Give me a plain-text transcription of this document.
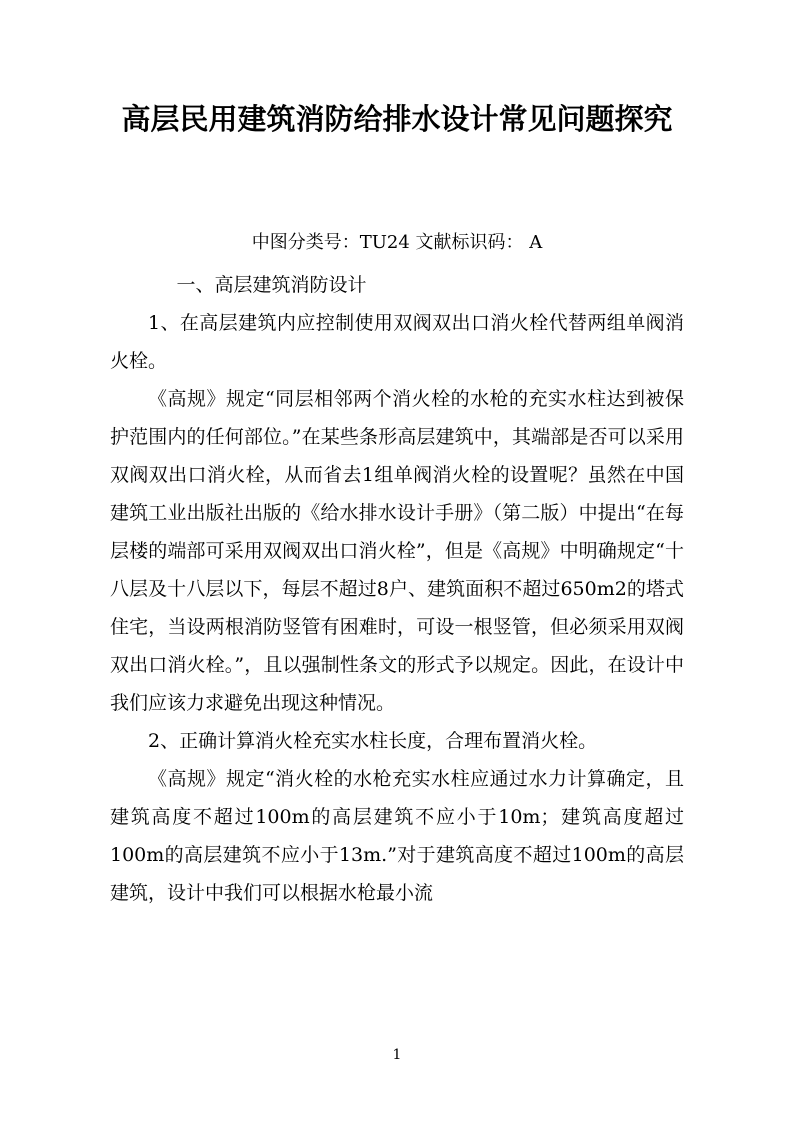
高层民用建筑消防给排水设计常见问题探究
中图分类号：TU24 文献标识码： A

一、高层建筑消防设计

1、在高层建筑内应控制使用双阀双出口消火栓代替两组单阀消火栓。

《高规》规定“同层相邻两个消火栓的水枪的充实水柱达到被保护范围内的任何部位。”在某些条形高层建筑中，其端部是否可以采用双阀双出口消火栓，从而省去1组单阀消火栓的设置呢？虽然在中国建筑工业出版社出版的《给水排水设计手册》（第二版）中提出“在每层楼的端部可采用双阀双出口消火栓”，但是《高规》中明确规定“十八层及十八层以下，每层不超过8户、建筑面积不超过650m2的塔式住宅，当设两根消防竖管有困难时，可设一根竖管，但必须采用双阀双出口消火栓。”，且以强制性条文的形式予以规定。因此，在设计中我们应该力求避免出现这种情况。

2、正确计算消火栓充实水柱长度，合理布置消火栓。

《高规》规定“消火栓的水枪充实水柱应通过水力计算确定，且建筑高度不超过100m的高层建筑不应小于10m；建筑高度超过100m的高层建筑不应小于13m.”对于建筑高度不超过100m的高层建筑，设计中我们可以根据水枪最小流

1
